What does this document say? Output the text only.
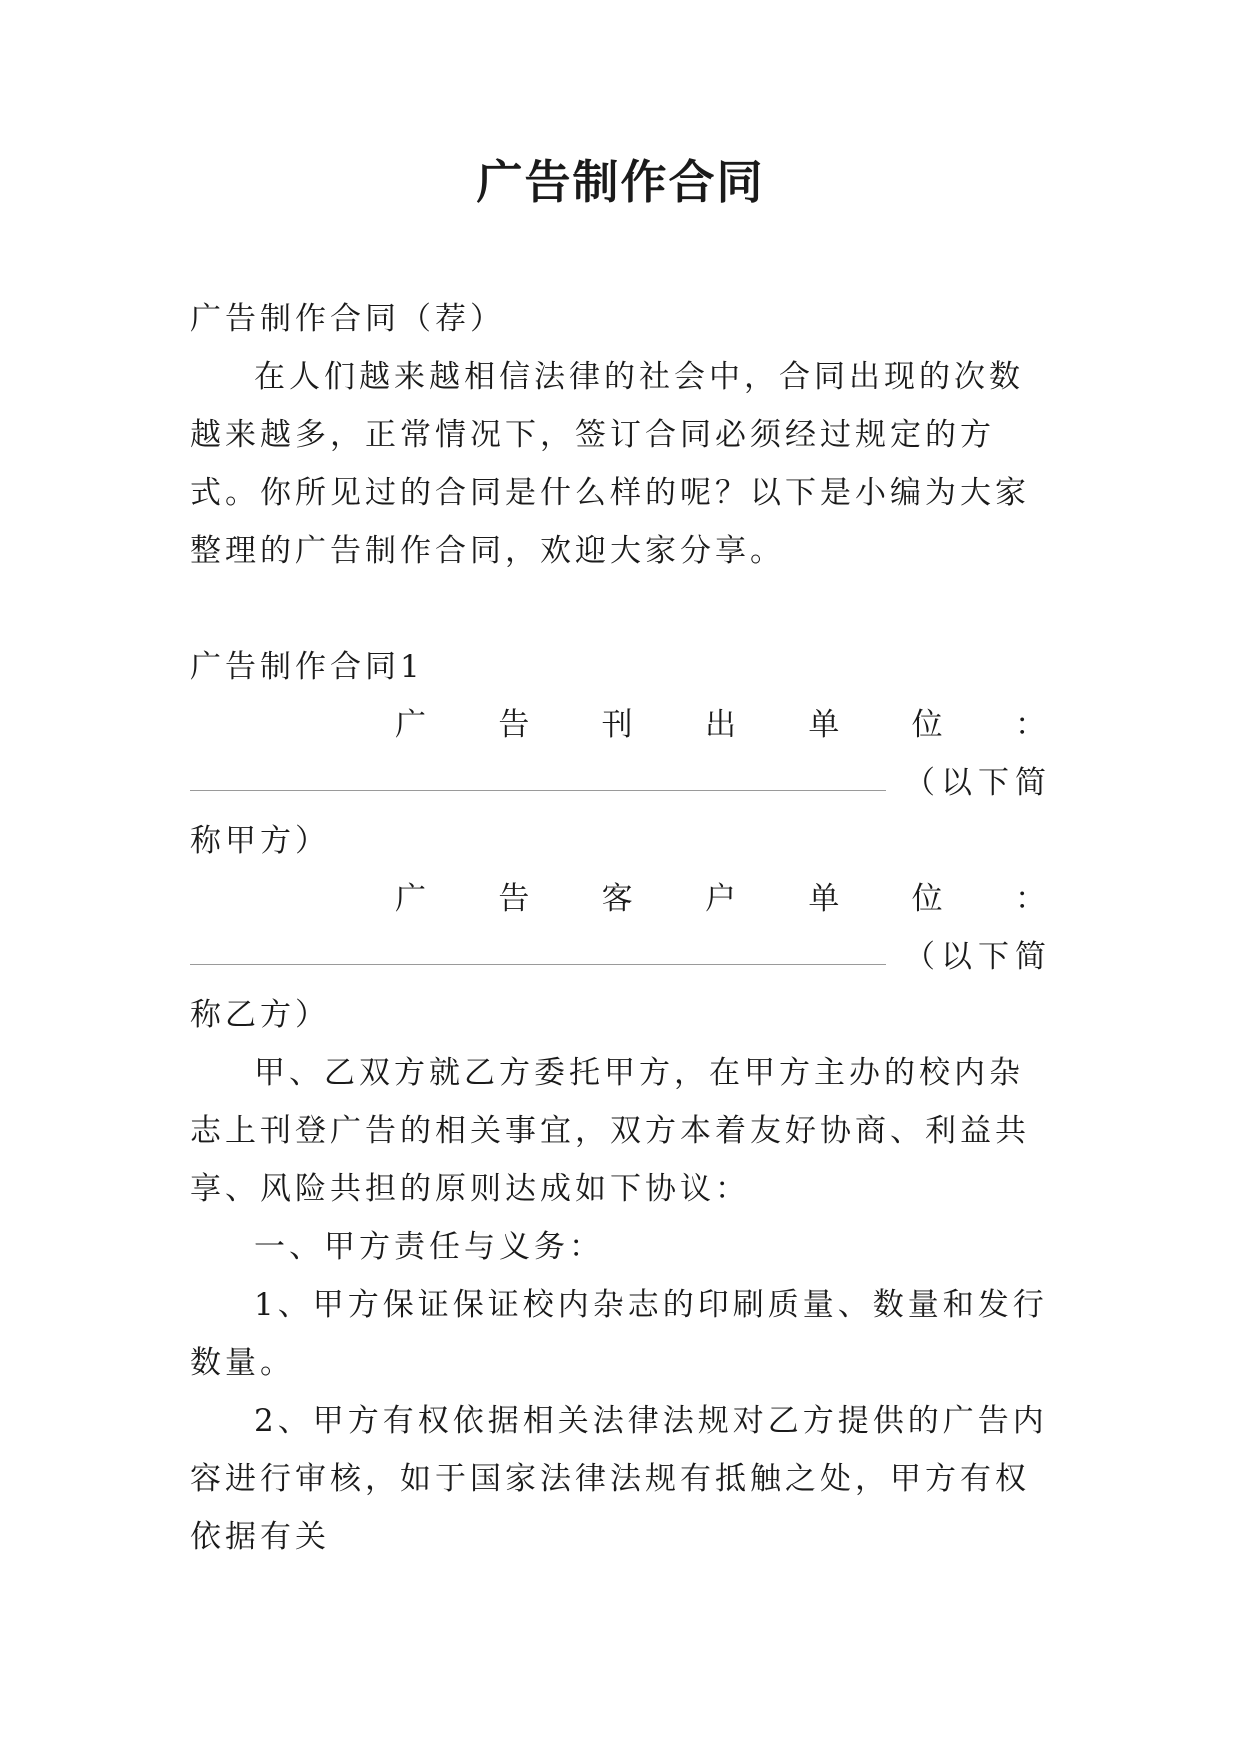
广告制作合同

广告制作合同（荐）

在人们越来越相信法律的社会中，合同出现的次数越来越多，正常情况下，签订合同必须经过规定的方式。你所见过的合同是什么样的呢？以下是小编为大家整理的广告制作合同，欢迎大家分享。

广告制作合同1

广　告　刊　出　单　位　：

（以下简

称甲方）

广　告　客　户　单　位　：

（以下简

称乙方）

甲、乙双方就乙方委托甲方，在甲方主办的校内杂志上刊登广告的相关事宜，双方本着友好协商、利益共享、风险共担的原则达成如下协议：

一、甲方责任与义务：

1、甲方保证保证校内杂志的印刷质量、数量和发行数量。

2、甲方有权依据相关法律法规对乙方提供的广告内容进行审核，如于国家法律法规有抵触之处，甲方有权依据有关
